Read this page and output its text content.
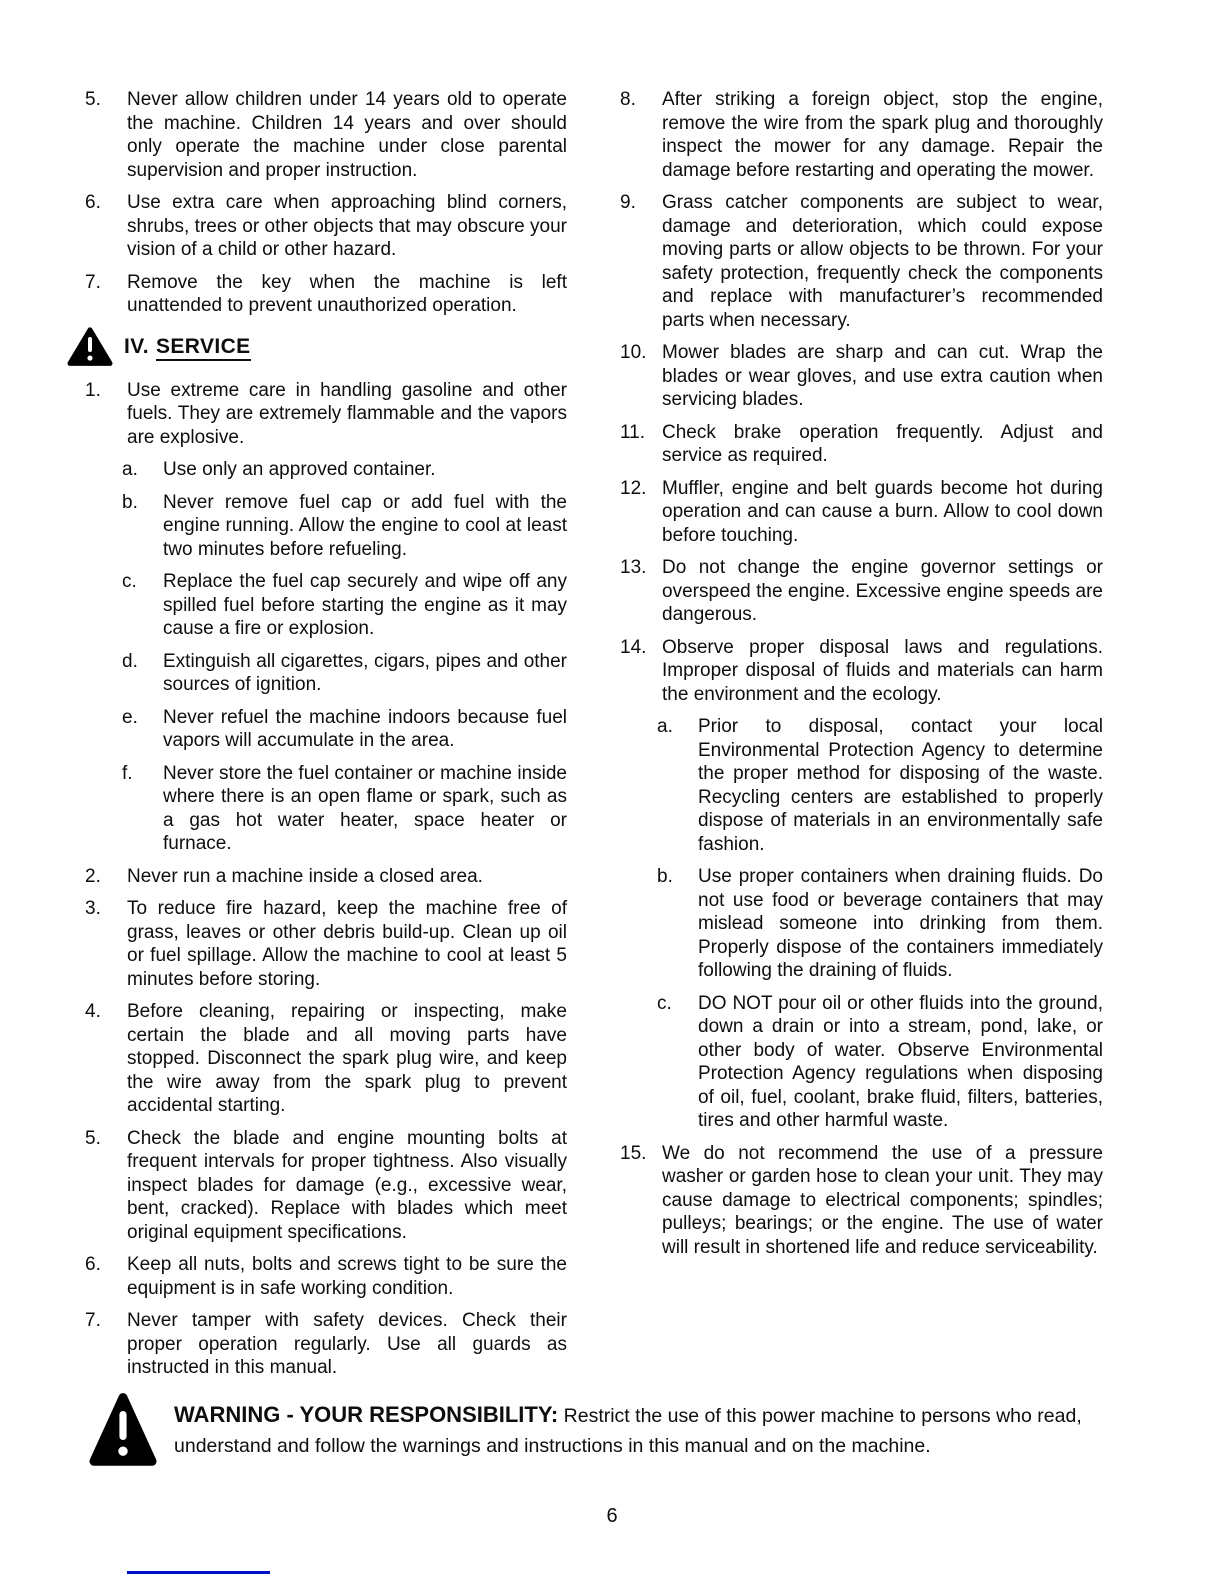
5.	Never allow children under 14 years old to operate the machine. Children 14 years and over should only operate the machine under close parental supervision and proper instruction.
6.	Use extra care when approaching blind corners, shrubs, trees or other objects that may obscure your vision of a child or other hazard.
7.	Remove the key when the machine is left unattended to prevent unauthorized operation.
IV. SERVICE
1.	Use extreme care in handling gasoline and other fuels. They are extremely flammable and the vapors are explosive.
a.	Use only an approved container.
b.	Never remove fuel cap or add fuel with the engine running. Allow the engine to cool at least two minutes before refueling.
c.	Replace the fuel cap securely and wipe off any spilled fuel before starting the engine as it may cause a fire or explosion.
d.	Extinguish all cigarettes, cigars, pipes and other sources of ignition.
e.	Never refuel the machine indoors because fuel vapors will accumulate in the area.
f.	Never store the fuel container or machine inside where there is an open flame or spark, such as a gas hot water heater, space heater or furnace.
2.	Never run a machine inside a closed area.
3.	To reduce fire hazard, keep the machine free of grass, leaves or other debris build-up. Clean up oil or fuel spillage. Allow the machine to cool at least 5 minutes before storing.
4.	Before cleaning, repairing or inspecting, make certain the blade and all moving parts have stopped. Disconnect the spark plug wire, and keep the wire away from the spark plug to prevent accidental starting.
5.	Check the blade and engine mounting bolts at frequent intervals for proper tightness. Also visually inspect blades for damage (e.g., excessive wear, bent, cracked). Replace with blades which meet original equipment specifications.
6.	Keep all nuts, bolts and screws tight to be sure the equipment is in safe working condition.
7.	Never tamper with safety devices. Check their proper operation regularly. Use all guards as instructed in this manual.
8.	After striking a foreign object, stop the engine, remove the wire from the spark plug and thoroughly inspect the mower for any damage. Repair the damage before restarting and operating the mower.
9.	Grass catcher components are subject to wear, damage and deterioration, which could expose moving parts or allow objects to be thrown. For your safety protection, frequently check the components and replace with manufacturer’s recommended parts when necessary.
10. Mower blades are sharp and can cut. Wrap the blades or wear gloves, and use extra caution when servicing blades.
11. Check brake operation frequently. Adjust and service as required.
12. Muffler, engine and belt guards become hot during operation and can cause a burn. Allow to cool down before touching.
13. Do not change the engine governor settings or overspeed the engine. Excessive engine speeds are dangerous.
14. Observe proper disposal laws and regulations. Improper disposal of fluids and materials can harm the environment and the ecology.
a.	Prior to disposal, contact your local Environmental Protection Agency to determine the proper method for disposing of the waste. Recycling centers are established to properly dispose of materials in an environmentally safe fashion.
b.	Use proper containers when draining fluids. Do not use food or beverage containers that may mislead someone into drinking from them. Properly dispose of the containers immediately following the draining of fluids.
c.	DO NOT pour oil or other fluids into the ground, down a drain or into a stream, pond, lake, or other body of water. Observe Environmental Protection Agency regulations when disposing of oil, fuel, coolant, brake fluid, filters, batteries, tires and other harmful waste.
15. We do not recommend the use of a pressure washer or garden hose to clean your unit. They may cause damage to electrical components; spindles; pulleys; bearings; or the engine. The use of water will result in shortened life and reduce serviceability.
WARNING - YOUR RESPONSIBILITY: Restrict the use of this power machine to persons who read, understand and follow the warnings and instructions in this manual and on the machine.
6
